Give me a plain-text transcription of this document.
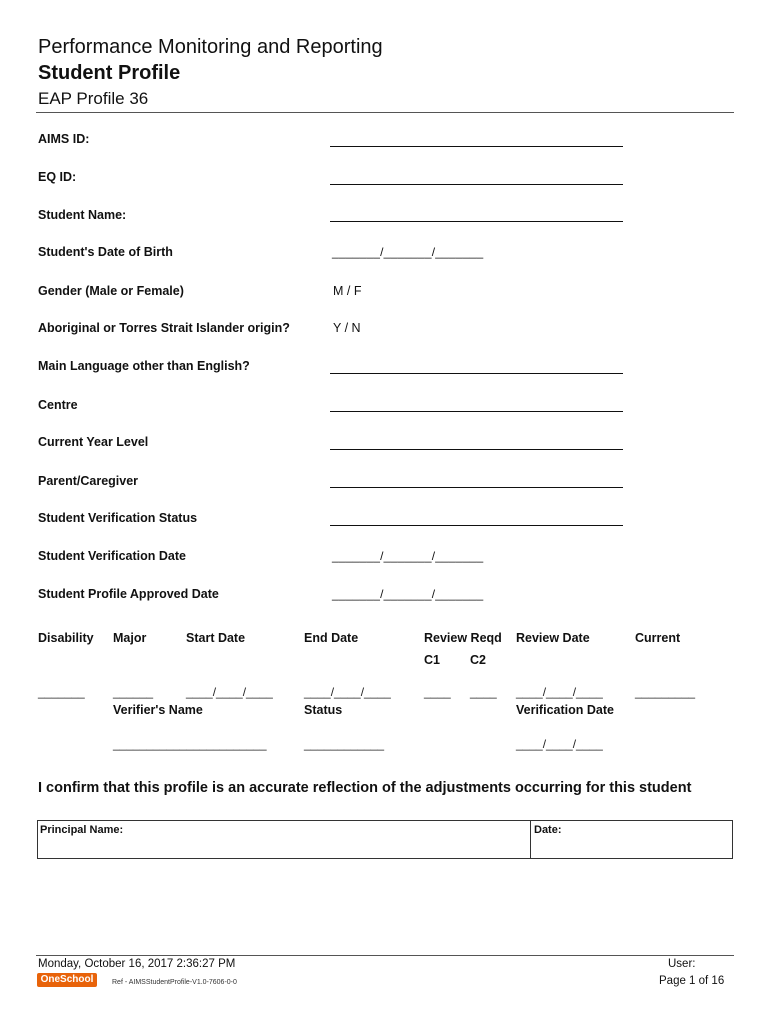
Performance Monitoring and Reporting
Student Profile
EAP Profile 36
AIMS ID:
EQ ID:
Student Name:
Student's Date of Birth	_______/_______/_______
Gender (Male or Female)	M / F
Aboriginal or Torres Strait Islander origin?	Y / N
Main Language other than English?
Centre
Current Year Level
Parent/Caregiver
Student Verification Status
Student Verification Date	_______/_______/_______
Student Profile Approved Date	_______/_______/_______
Disability Major	Start Date	End Date	Review Reqd Review Date	Current
C1 C2
_______ ______	____/____/____	____/____/____	____ ____ ____/____/____	_________
Verifier's Name	Status	Verification Date
_______________________	____________	____/____/____
I confirm that this profile is an accurate reflection of the adjustments occurring for this student
Principal Name:	Date:
Monday, October 16, 2017 2:36:27 PM	User:
OneSchool	Ref - AIMSStudentProfile-V1.0-7606-0-0	Page 1 of 16
